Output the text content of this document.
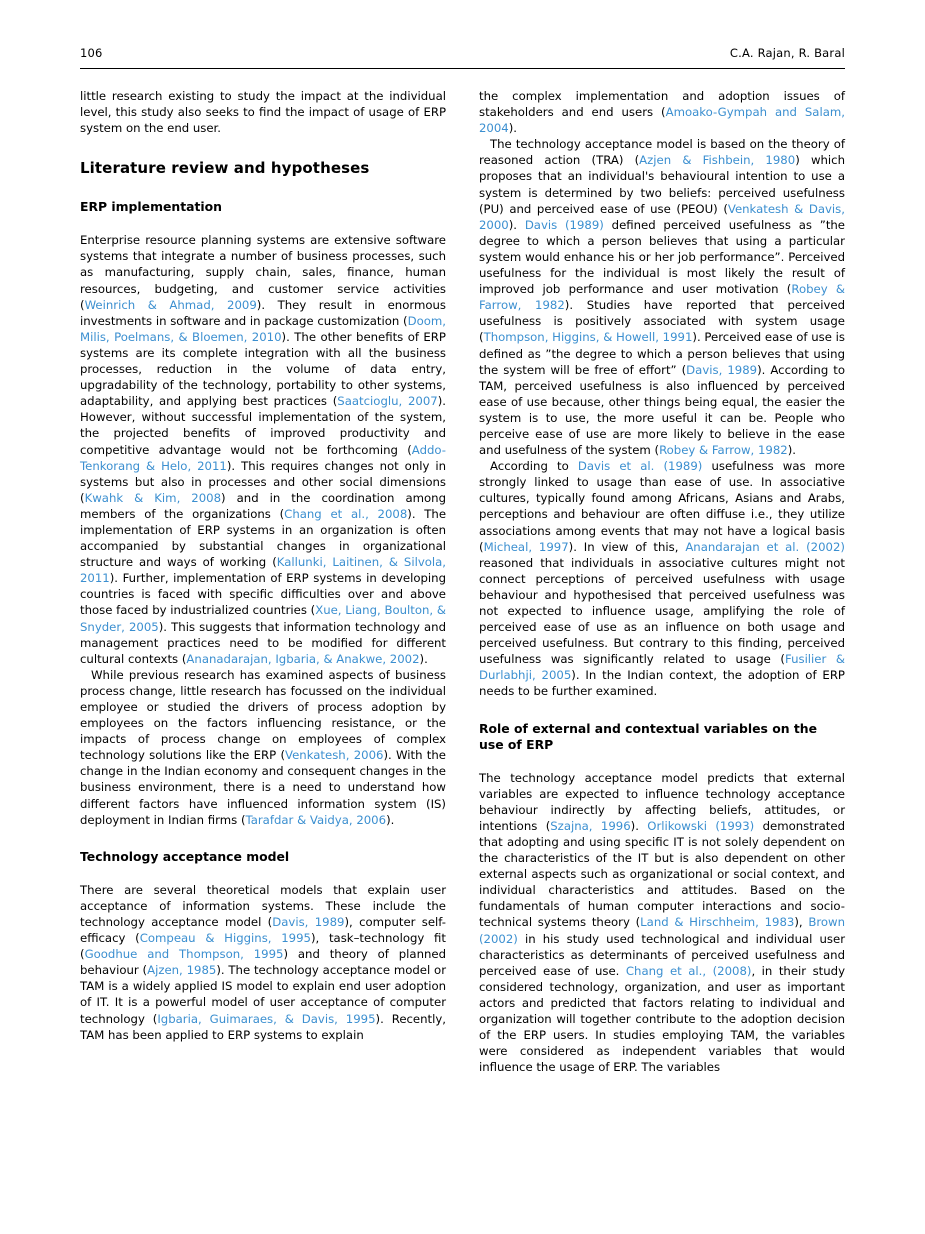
106	C.A. Rajan, R. Baral

little research existing to study the impact at the individual level, this study also seeks to find the impact of usage of ERP system on the end user.

Literature review and hypotheses
ERP implementation

Enterprise resource planning systems are extensive software systems that integrate a number of business processes, such as manufacturing, supply chain, sales, finance, human resources, budgeting, and customer service activities (Weinrich & Ahmad, 2009). They result in enormous investments in software and in package customization (Doom, Milis, Poelmans, & Bloemen, 2010). The other benefits of ERP systems are its complete integration with all the business processes, reduction in the volume of data entry, upgradability of the technology, portability to other systems, adaptability, and applying best practices (Saatcioglu, 2007). However, without successful implementation of the system, the projected benefits of improved productivity and competitive advantage would not be forthcoming (Addo-Tenkorang & Helo, 2011). This requires changes not only in systems but also in processes and other social dimensions (Kwahk & Kim, 2008) and in the coordination among members of the organizations (Chang et al., 2008). The implementation of ERP systems in an organization is often accompanied by substantial changes in organizational structure and ways of working (Kallunki, Laitinen, & Silvola, 2011). Further, implementation of ERP systems in developing countries is faced with specific difficulties over and above those faced by industrialized countries (Xue, Liang, Boulton, & Snyder, 2005). This suggests that information technology and management practices need to be modified for different cultural contexts (Ananadarajan, Igbaria, & Anakwe, 2002).

While previous research has examined aspects of business process change, little research has focussed on the individual employee or studied the drivers of process adoption by employees on the factors influencing resistance, or the impacts of process change on employees of complex technology solutions like the ERP (Venkatesh, 2006). With the change in the Indian economy and consequent changes in the business environment, there is a need to understand how different factors have influenced information system (IS) deployment in Indian firms (Tarafdar & Vaidya, 2006).

Technology acceptance model

There are several theoretical models that explain user acceptance of information systems. These include the technology acceptance model (Davis, 1989), computer self-efficacy (Compeau & Higgins, 1995), task–technology fit (Goodhue and Thompson, 1995) and theory of planned behaviour (Ajzen, 1985). The technology acceptance model or TAM is a widely applied IS model to explain end user adoption of IT. It is a powerful model of user acceptance of computer technology (Igbaria, Guimaraes, & Davis, 1995). Recently, TAM has been applied to ERP systems to explain

the complex implementation and adoption issues of stakeholders and end users (Amoako-Gympah and Salam, 2004).

The technology acceptance model is based on the theory of reasoned action (TRA) (Azjen & Fishbein, 1980) which proposes that an individual's behavioural intention to use a system is determined by two beliefs: perceived usefulness (PU) and perceived ease of use (PEOU) (Venkatesh & Davis, 2000). Davis (1989) defined perceived usefulness as ”the degree to which a person believes that using a particular system would enhance his or her job performance”. Perceived usefulness for the individual is most likely the result of improved job performance and user motivation (Robey & Farrow, 1982). Studies have reported that perceived usefulness is positively associated with system usage (Thompson, Higgins, & Howell, 1991). Perceived ease of use is defined as ”the degree to which a person believes that using the system will be free of effort” (Davis, 1989). According to TAM, perceived usefulness is also influenced by perceived ease of use because, other things being equal, the easier the system is to use, the more useful it can be. People who perceive ease of use are more likely to believe in the ease and usefulness of the system (Robey & Farrow, 1982).

According to Davis et al. (1989) usefulness was more strongly linked to usage than ease of use. In associative cultures, typically found among Africans, Asians and Arabs, perceptions and behaviour are often diffuse i.e., they utilize associations among events that may not have a logical basis (Micheal, 1997). In view of this, Anandarajan et al. (2002) reasoned that individuals in associative cultures might not connect perceptions of perceived usefulness with usage behaviour and hypothesised that perceived usefulness was not expected to influence usage, amplifying the role of perceived ease of use as an influence on both usage and perceived usefulness. But contrary to this finding, perceived usefulness was significantly related to usage (Fusilier & Durlabhji, 2005). In the Indian context, the adoption of ERP needs to be further examined.

Role of external and contextual variables on the use of ERP

The technology acceptance model predicts that external variables are expected to influence technology acceptance behaviour indirectly by affecting beliefs, attitudes, or intentions (Szajna, 1996). Orlikowski (1993) demonstrated that adopting and using specific IT is not solely dependent on the characteristics of the IT but is also dependent on other external aspects such as organizational or social context, and individual characteristics and attitudes. Based on the fundamentals of human computer interactions and socio-technical systems theory (Land & Hirschheim, 1983), Brown (2002) in his study used technological and individual user characteristics as determinants of perceived usefulness and perceived ease of use. Chang et al., (2008), in their study considered technology, organization, and user as important actors and predicted that factors relating to individual and organization will together contribute to the adoption decision of the ERP users. In studies employing TAM, the variables were considered as independent variables that would influence the usage of ERP. The variables
